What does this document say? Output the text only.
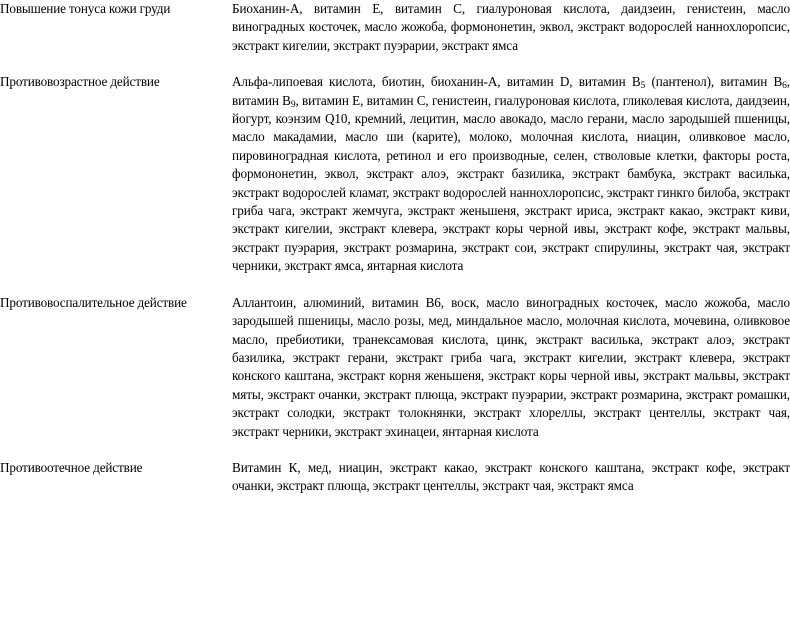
Повышение тонуса кожи груди	Биоханин-А, витамин Е, витамин С, гиалуроновая кислота, даидзеин, генистеин, масло виноградных косточек, масло жожоба, формононетин, эквол, экстракт водорослей наннохлоропсис, экстракт кигелии, экстракт пуэрарии, экстракт ямса

Противовозрастное действие	Альфа-липоевая кислота, биотин, биоханин-А, витамин D, витамин $B_5$ (пантенол), витамин $B_6$, витамин $B_9$, витамин Е, витамин С, генистеин, гиалуроновая кислота, гликолевая кислота, даидзеин, йогурт, коэнзим Q10, кремний, лецитин, масло авокадо, масло герани, масло зародышей пшеницы, масло макадамии, масло ши (карите), молоко, молочная кислота, ниацин, оливковое масло, пировиноградная кислота, ретинол и его производные, селен, стволовые клетки, факторы роста, формононетин, эквол, экстракт алоэ, экстракт базилика, экстракт бамбука, экстракт василька, экстракт водорослей кламат, экстракт водорослей наннохлоропсис, экстракт гинкго билоба, экстракт гриба чага, экстракт жемчуга, экстракт женьшеня, экстракт ириса, экстракт какао, экстракт киви, экстракт кигелии, экстракт клевера, экстракт коры черной ивы, экстракт кофе, экстракт мальвы, экстракт пуэрария, экстракт розмарина, экстракт сои, экстракт спирулины, экстракт чая, экстракт черники, экстракт ямса, янтарная кислота

Противовоспалительное действие	Аллантоин, алюминий, витамин B6, воск, масло виноградных косточек, масло жожоба, масло зародышей пшеницы, масло розы, мед, миндальное масло, молочная кислота, мочевина, оливковое масло, пребиотики, транексамовая кислота, цинк, экстракт василька, экстракт алоэ, экстракт базилика, экстракт герани, экстракт гриба чага, экстракт кигелии, экстракт клевера, экстракт конского каштана, экстракт корня женьшеня, экстракт коры черной ивы, экстракт мальвы, экстракт мяты, экстракт очанки, экстракт плюща, экстракт пуэрарии, экстракт розмарина, экстракт ромашки, экстракт солодки, экстракт толокнянки, экстракт хлореллы, экстракт центеллы, экстракт чая, экстракт черники, экстракт эхинацеи, янтарная кислота

Противоотечное действие	Витамин К, мед, ниацин, экстракт какао, экстракт конского каштана, экстракт кофе, экстракт очанки, экстракт плюща, экстракт центеллы, экстракт чая, экстракт ямса
